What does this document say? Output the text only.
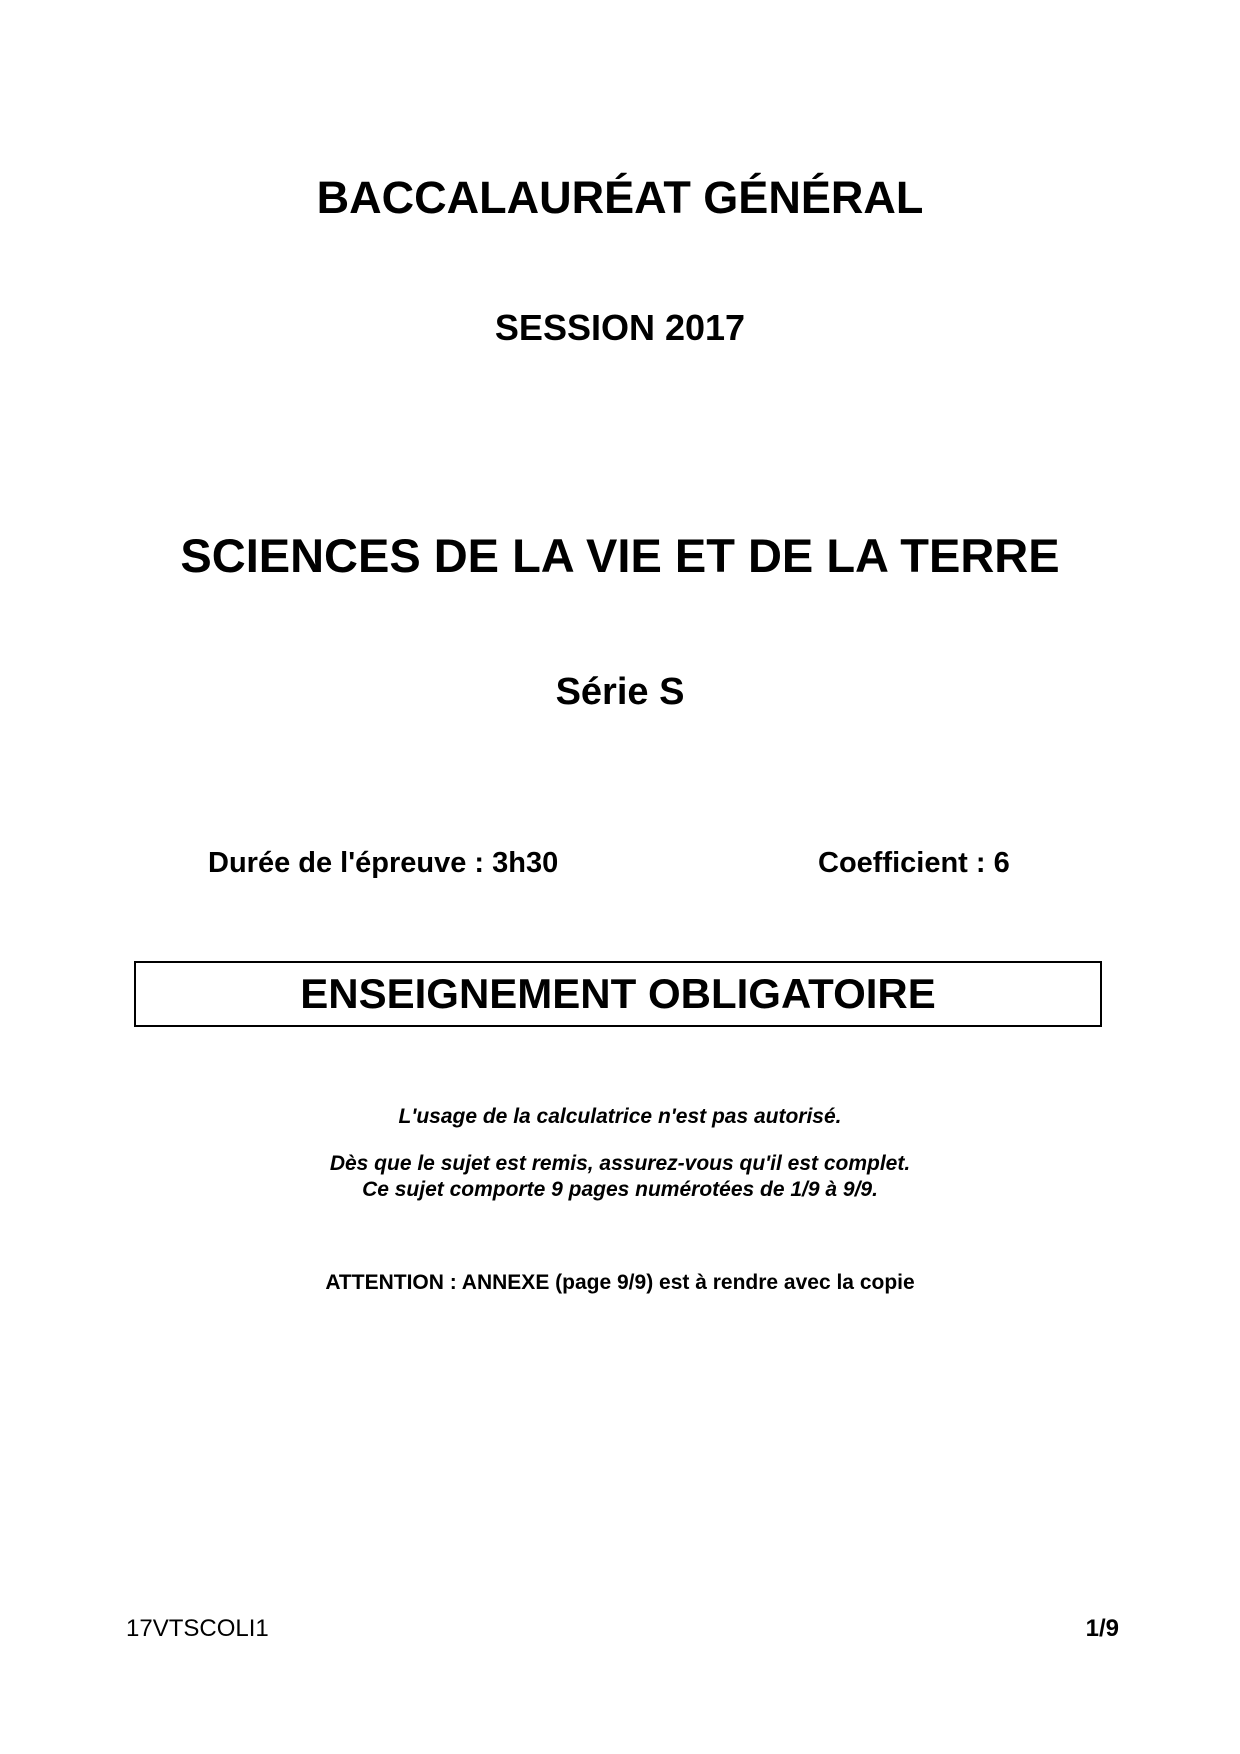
BACCALAURÉAT GÉNÉRAL
SESSION 2017
SCIENCES DE LA VIE ET DE LA TERRE
Série S
Durée de l'épreuve : 3h30	Coefficient : 6
ENSEIGNEMENT OBLIGATOIRE
L'usage de la calculatrice n'est pas autorisé.
Dès que le sujet est remis, assurez-vous qu'il est complet.
Ce sujet comporte 9 pages numérotées de 1/9 à 9/9.
ATTENTION : ANNEXE (page 9/9) est à rendre avec la copie
17VTSCOLI1	1/9
